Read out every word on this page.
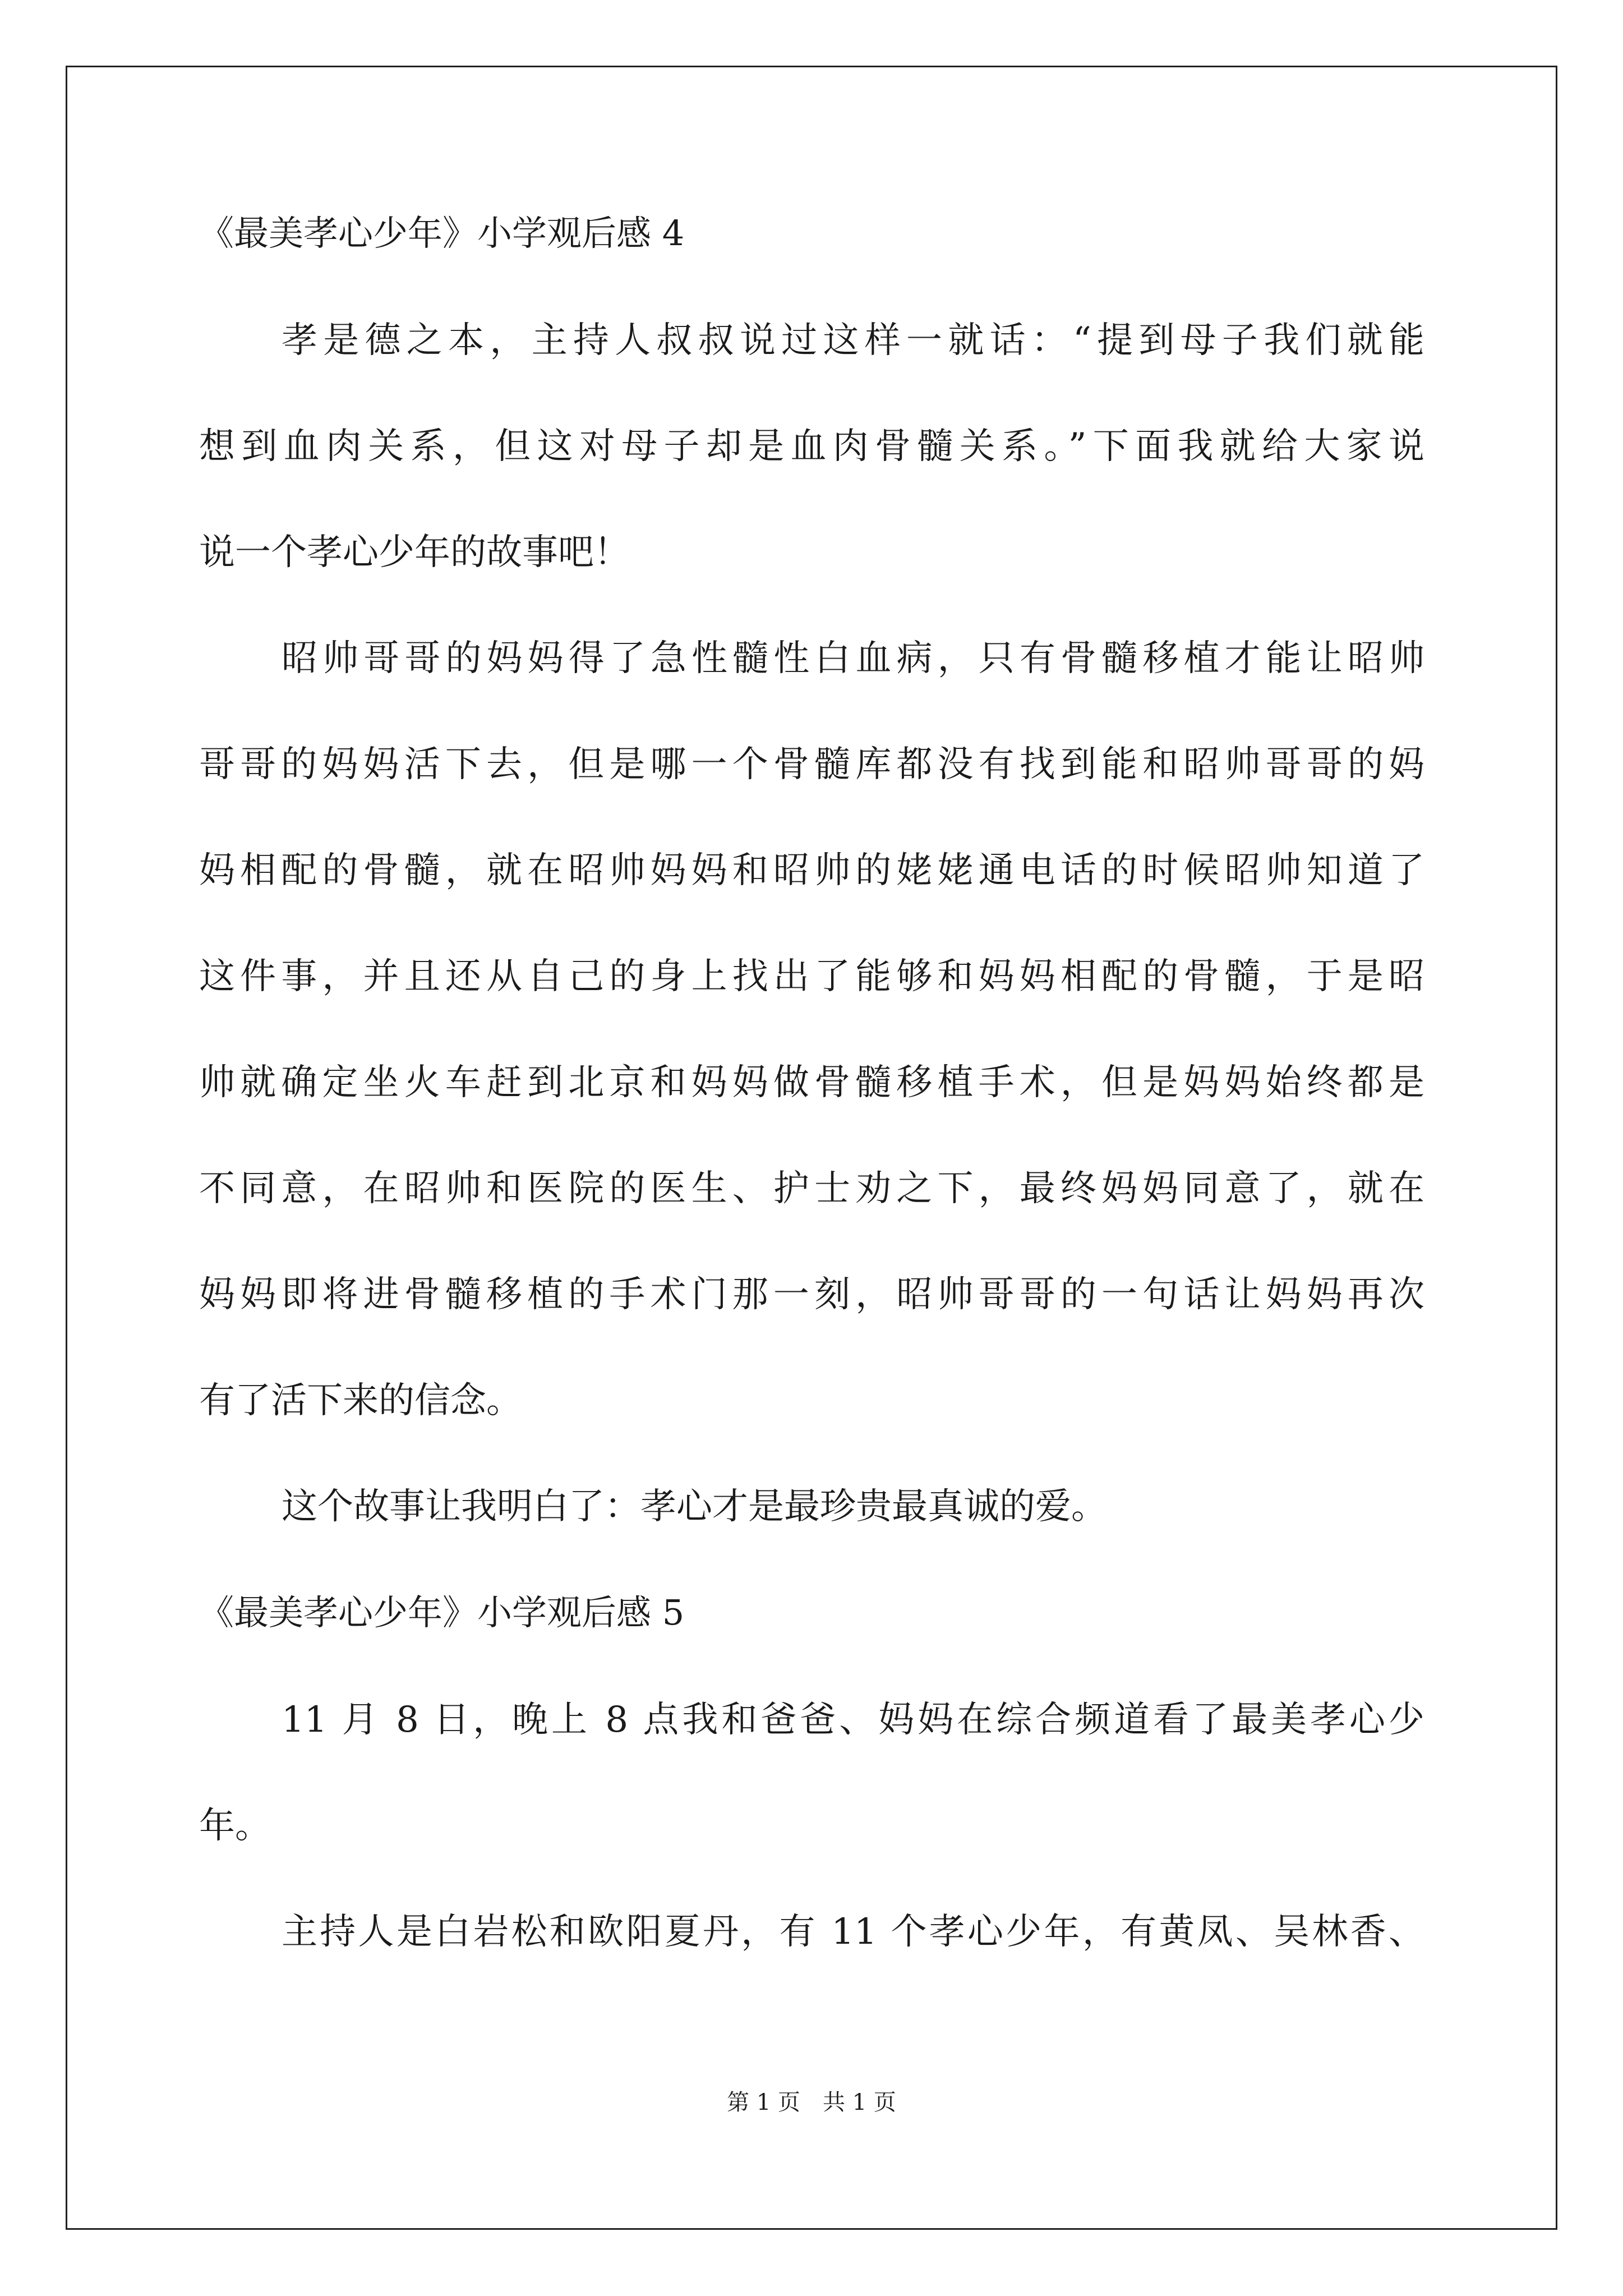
《最美孝心少年》小学观后感 4
孝是德之本，主持人叔叔说过这样一就话：“提到母子我们就能
想到血肉关系，但这对母子却是血肉骨髓关系。”下面我就给大家说
说一个孝心少年的故事吧！
昭帅哥哥的妈妈得了急性髓性白血病，只有骨髓移植才能让昭帅
哥哥的妈妈活下去，但是哪一个骨髓库都没有找到能和昭帅哥哥的妈
妈相配的骨髓，就在昭帅妈妈和昭帅的姥姥通电话的时候昭帅知道了
这件事，并且还从自己的身上找出了能够和妈妈相配的骨髓，于是昭
帅就确定坐火车赶到北京和妈妈做骨髓移植手术，但是妈妈始终都是
不同意，在昭帅和医院的医生、护士劝之下，最终妈妈同意了，就在
妈妈即将进骨髓移植的手术门那一刻，昭帅哥哥的一句话让妈妈再次
有了活下来的信念。
这个故事让我明白了：孝心才是最珍贵最真诚的爱。
《最美孝心少年》小学观后感 5
11 月 8 日，晚上 8 点我和爸爸、妈妈在综合频道看了最美孝心少
年。
主持人是白岩松和欧阳夏丹，有 11 个孝心少年，有黄凤、吴林香、
第 1 页　共 1 页
